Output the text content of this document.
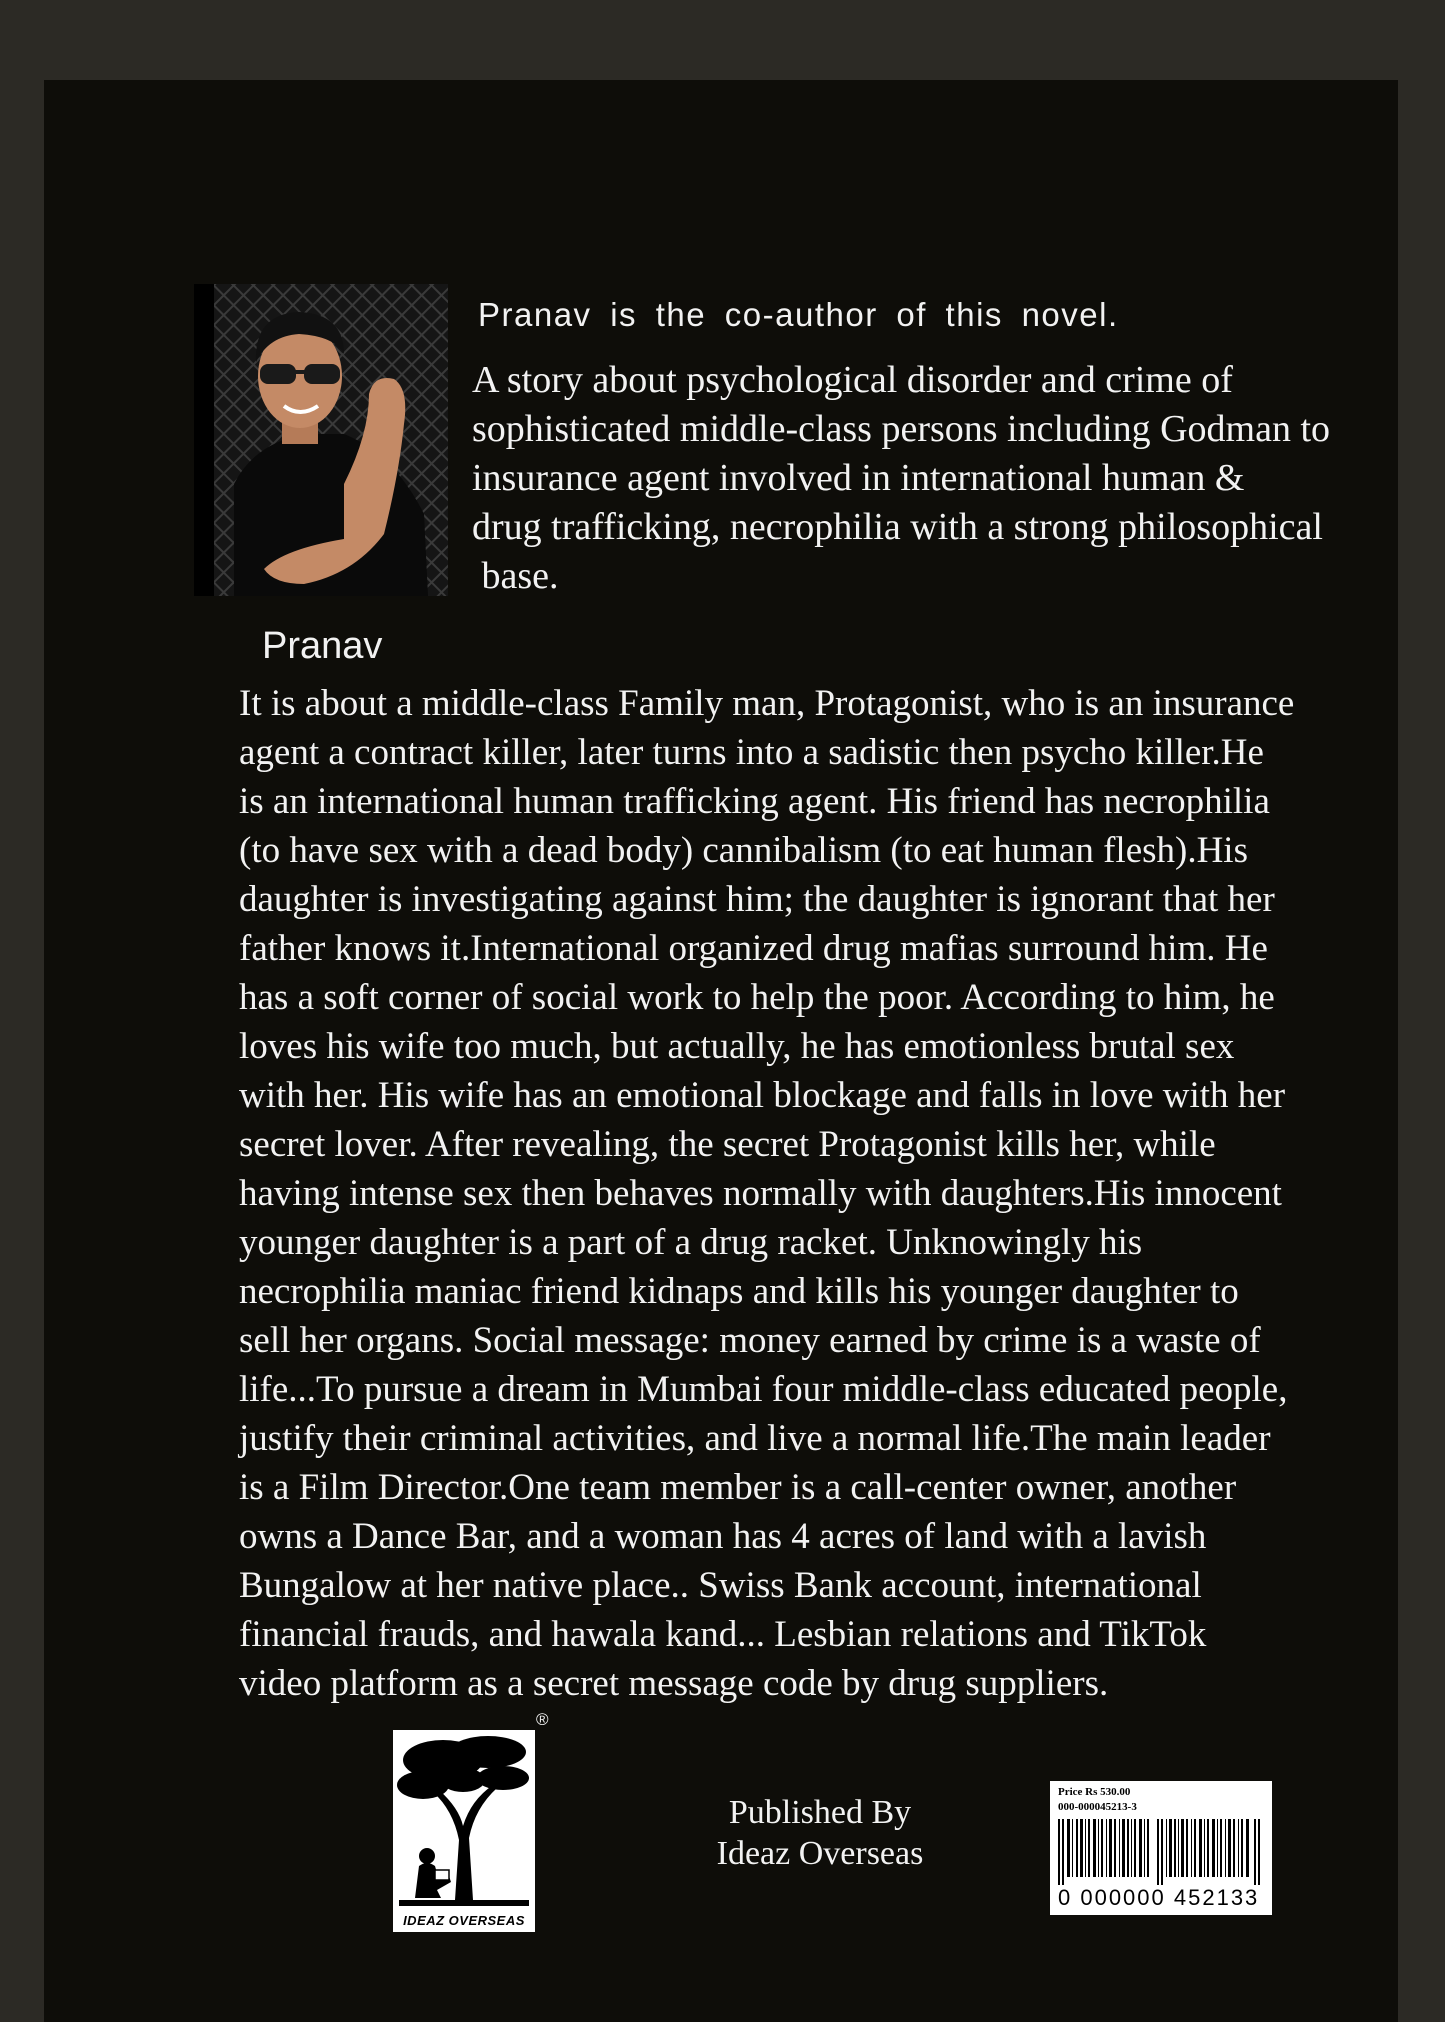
Pranav is the co-author of this novel.
A story about psychological disorder and crime of
sophisticated middle-class persons including Godman to
insurance agent involved in international human &
drug trafficking, necrophilia with a strong philosophical
base.
Pranav
It is about a middle-class Family man, Protagonist, who is an insurance
agent a contract killer, later turns into a sadistic then psycho killer.He
is an international human trafficking agent. His friend has necrophilia
(to have sex with a dead body) cannibalism (to eat human flesh).His
daughter is investigating against him; the daughter is ignorant that her
father knows it.International organized drug mafias surround him. He
has a soft corner of social work to help the poor. According to him, he
loves his wife too much, but actually, he has emotionless brutal sex
with her. His wife has an emotional blockage and falls in love with her
secret lover. After revealing, the secret Protagonist kills her, while
having intense sex then behaves normally with daughters.His innocent
younger daughter is a part of a drug racket. Unknowingly his
necrophilia maniac friend kidnaps and kills his younger daughter to
sell her organs. Social message: money earned by crime is a waste of
life...To pursue a dream in Mumbai four middle-class educated people,
justify their criminal activities, and live a normal life.The main leader
is a Film Director.One team member is a call-center owner, another
owns a Dance Bar, and a woman has 4 acres of land with a lavish
Bungalow at her native place.. Swiss Bank account, international
financial frauds, and hawala kand... Lesbian relations and TikTok
video platform as a secret message code by drug suppliers.
IDEAZ OVERSEAS
®
Published By
Ideaz Overseas
Price Rs 530.00
000-000045213-3
0 000000 452133
